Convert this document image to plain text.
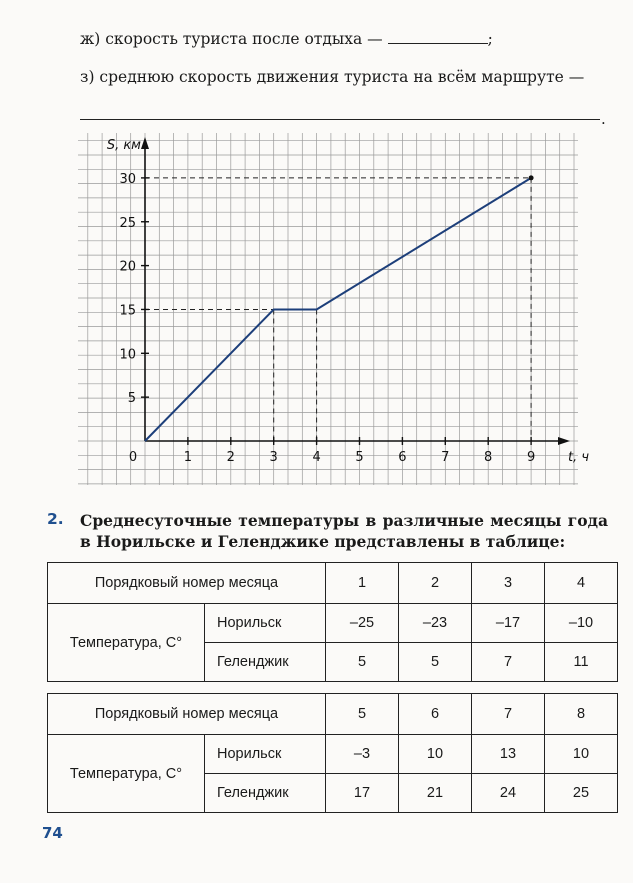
ж) скорость туриста после отдыха —	;
з) среднюю скорость движения туриста на всём маршруте —
.
1	2	3	4	5	6	7	8	9
5
10
15
20
25
30
0
S, км
t, ч
2. Среднесуточные температуры в различные месяцы года в Норильске и Геленджике представлены в таблице:
Порядковый номер месяца		1	2	3	4
Температура, С°	Норильск	–25	–23	–17	–10
	Геленджик	5	5	7	11
Порядковый номер месяца		5	6	7	8
Температура, С°	Норильск	–3	10	13	10
	Геленджик	17	21	24	25
74
